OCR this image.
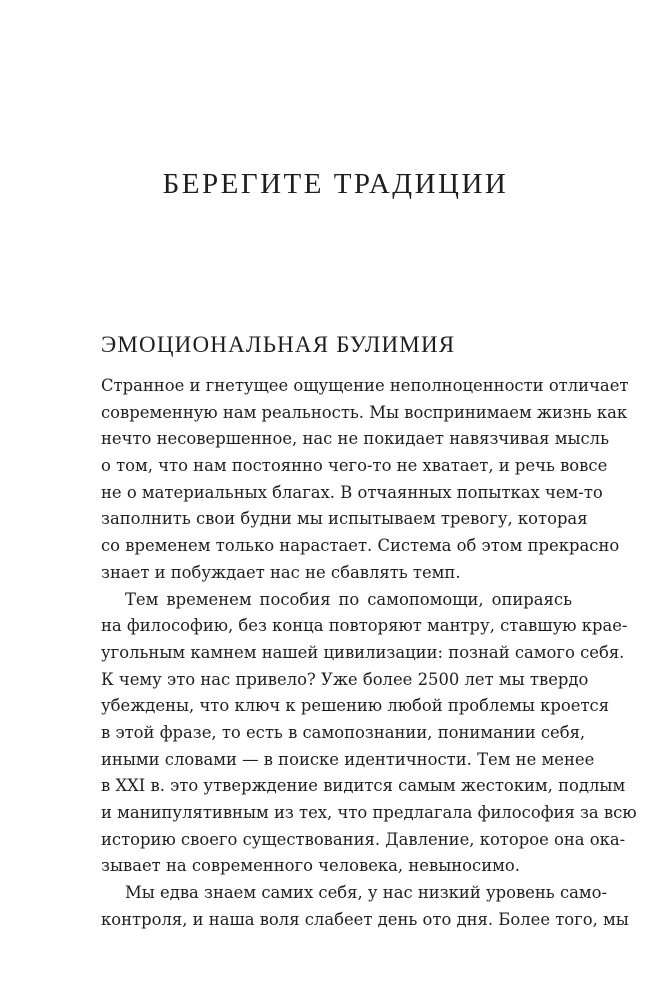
БЕРЕГИТЕ ТРАДИЦИИ
ЭМОЦИОНАЛЬНАЯ БУЛИМИЯ
Странное и гнетущее ощущение неполноценности отличает
современную нам реальность. Мы воспринимаем жизнь как
нечто несовершенное, нас не покидает навязчивая мысль
о том, что нам постоянно чего-то не хватает, и речь вовсе
не о материальных благах. В отчаянных попытках чем-то
заполнить свои будни мы испытываем тревогу, которая
со временем только нарастает. Система об этом прекрасно
знает и побуждает нас не сбавлять темп.
Тем временем пособия по самопомощи, опираясь
на философию, без конца повторяют мантру, ставшую крае-
угольным камнем нашей цивилизации: познай самого себя.
К чему это нас привело? Уже более 2500 лет мы твердо
убеждены, что ключ к решению любой проблемы кроется
в этой фразе, то есть в самопознании, понимании себя,
иными словами — в поиске идентичности. Тем не менее
в XXI в. это утверждение видится самым жестоким, подлым
и манипулятивным из тех, что предлагала философия за всю
историю своего существования. Давление, которое она ока-
зывает на современного человека, невыносимо.
Мы едва знаем самих себя, у нас низкий уровень само-
контроля, и наша воля слабеет день ото дня. Более того, мы
